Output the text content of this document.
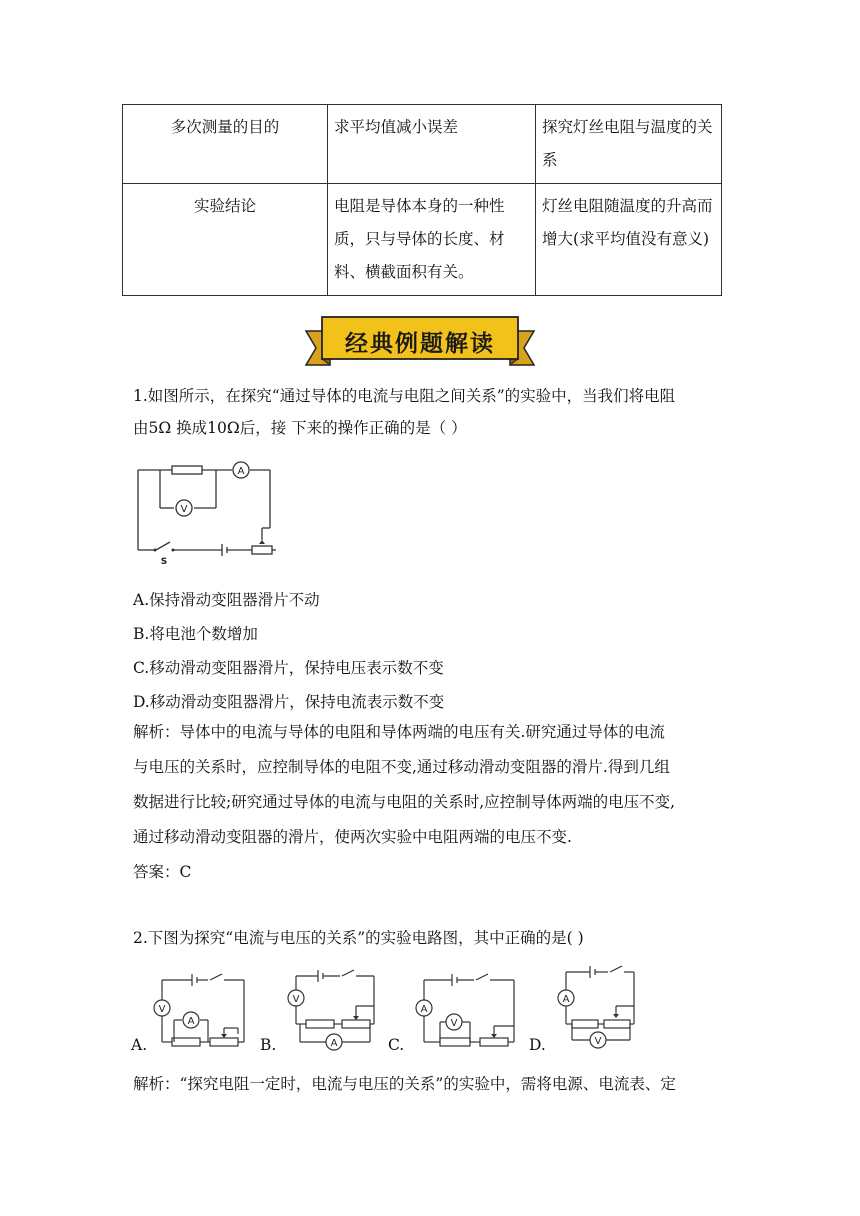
多次测量的目的	求平均值减小误差	探究灯丝电阻与温度的关系
实验结论	电阻是导体本身的一种性质，只与导体的长度、材料、横截面积有关。	灯丝电阻随温度的升高而增大(求平均值没有意义)
经典例题解读
1.如图所示，在探究“通过导体的电流与电阻之间关系”的实验中，当我们将电阻
由5Ω 换成10Ω后，接 下来的操作正确的是（ ）
A
V
S
A.保持滑动变阻器滑片不动
B.将电池个数增加
C.移动滑动变阻器滑片，保持电压表示数不变
D.移动滑动变阻器滑片，保持电流表示数不变
解析：导体中的电流与导体的电阻和导体两端的电压有关.研究通过导体的电流
与电压的关系时，应控制导体的电阻不变,通过移动滑动变阻器的滑片.得到几组
数据进行比较;研究通过导体的电流与电阻的关系时,应控制导体两端的电压不变,
通过移动滑动变阻器的滑片，使两次实验中电阻两端的电压不变.
答案：C
2.下图为探究“电流与电压的关系”的实验电路图，其中正确的是( )
V
A
A.
V
A
B.
A
V
C.
A
V
D.
解析：“探究电阻一定时，电流与电压的关系”的实验中，需将电源、电流表、定
